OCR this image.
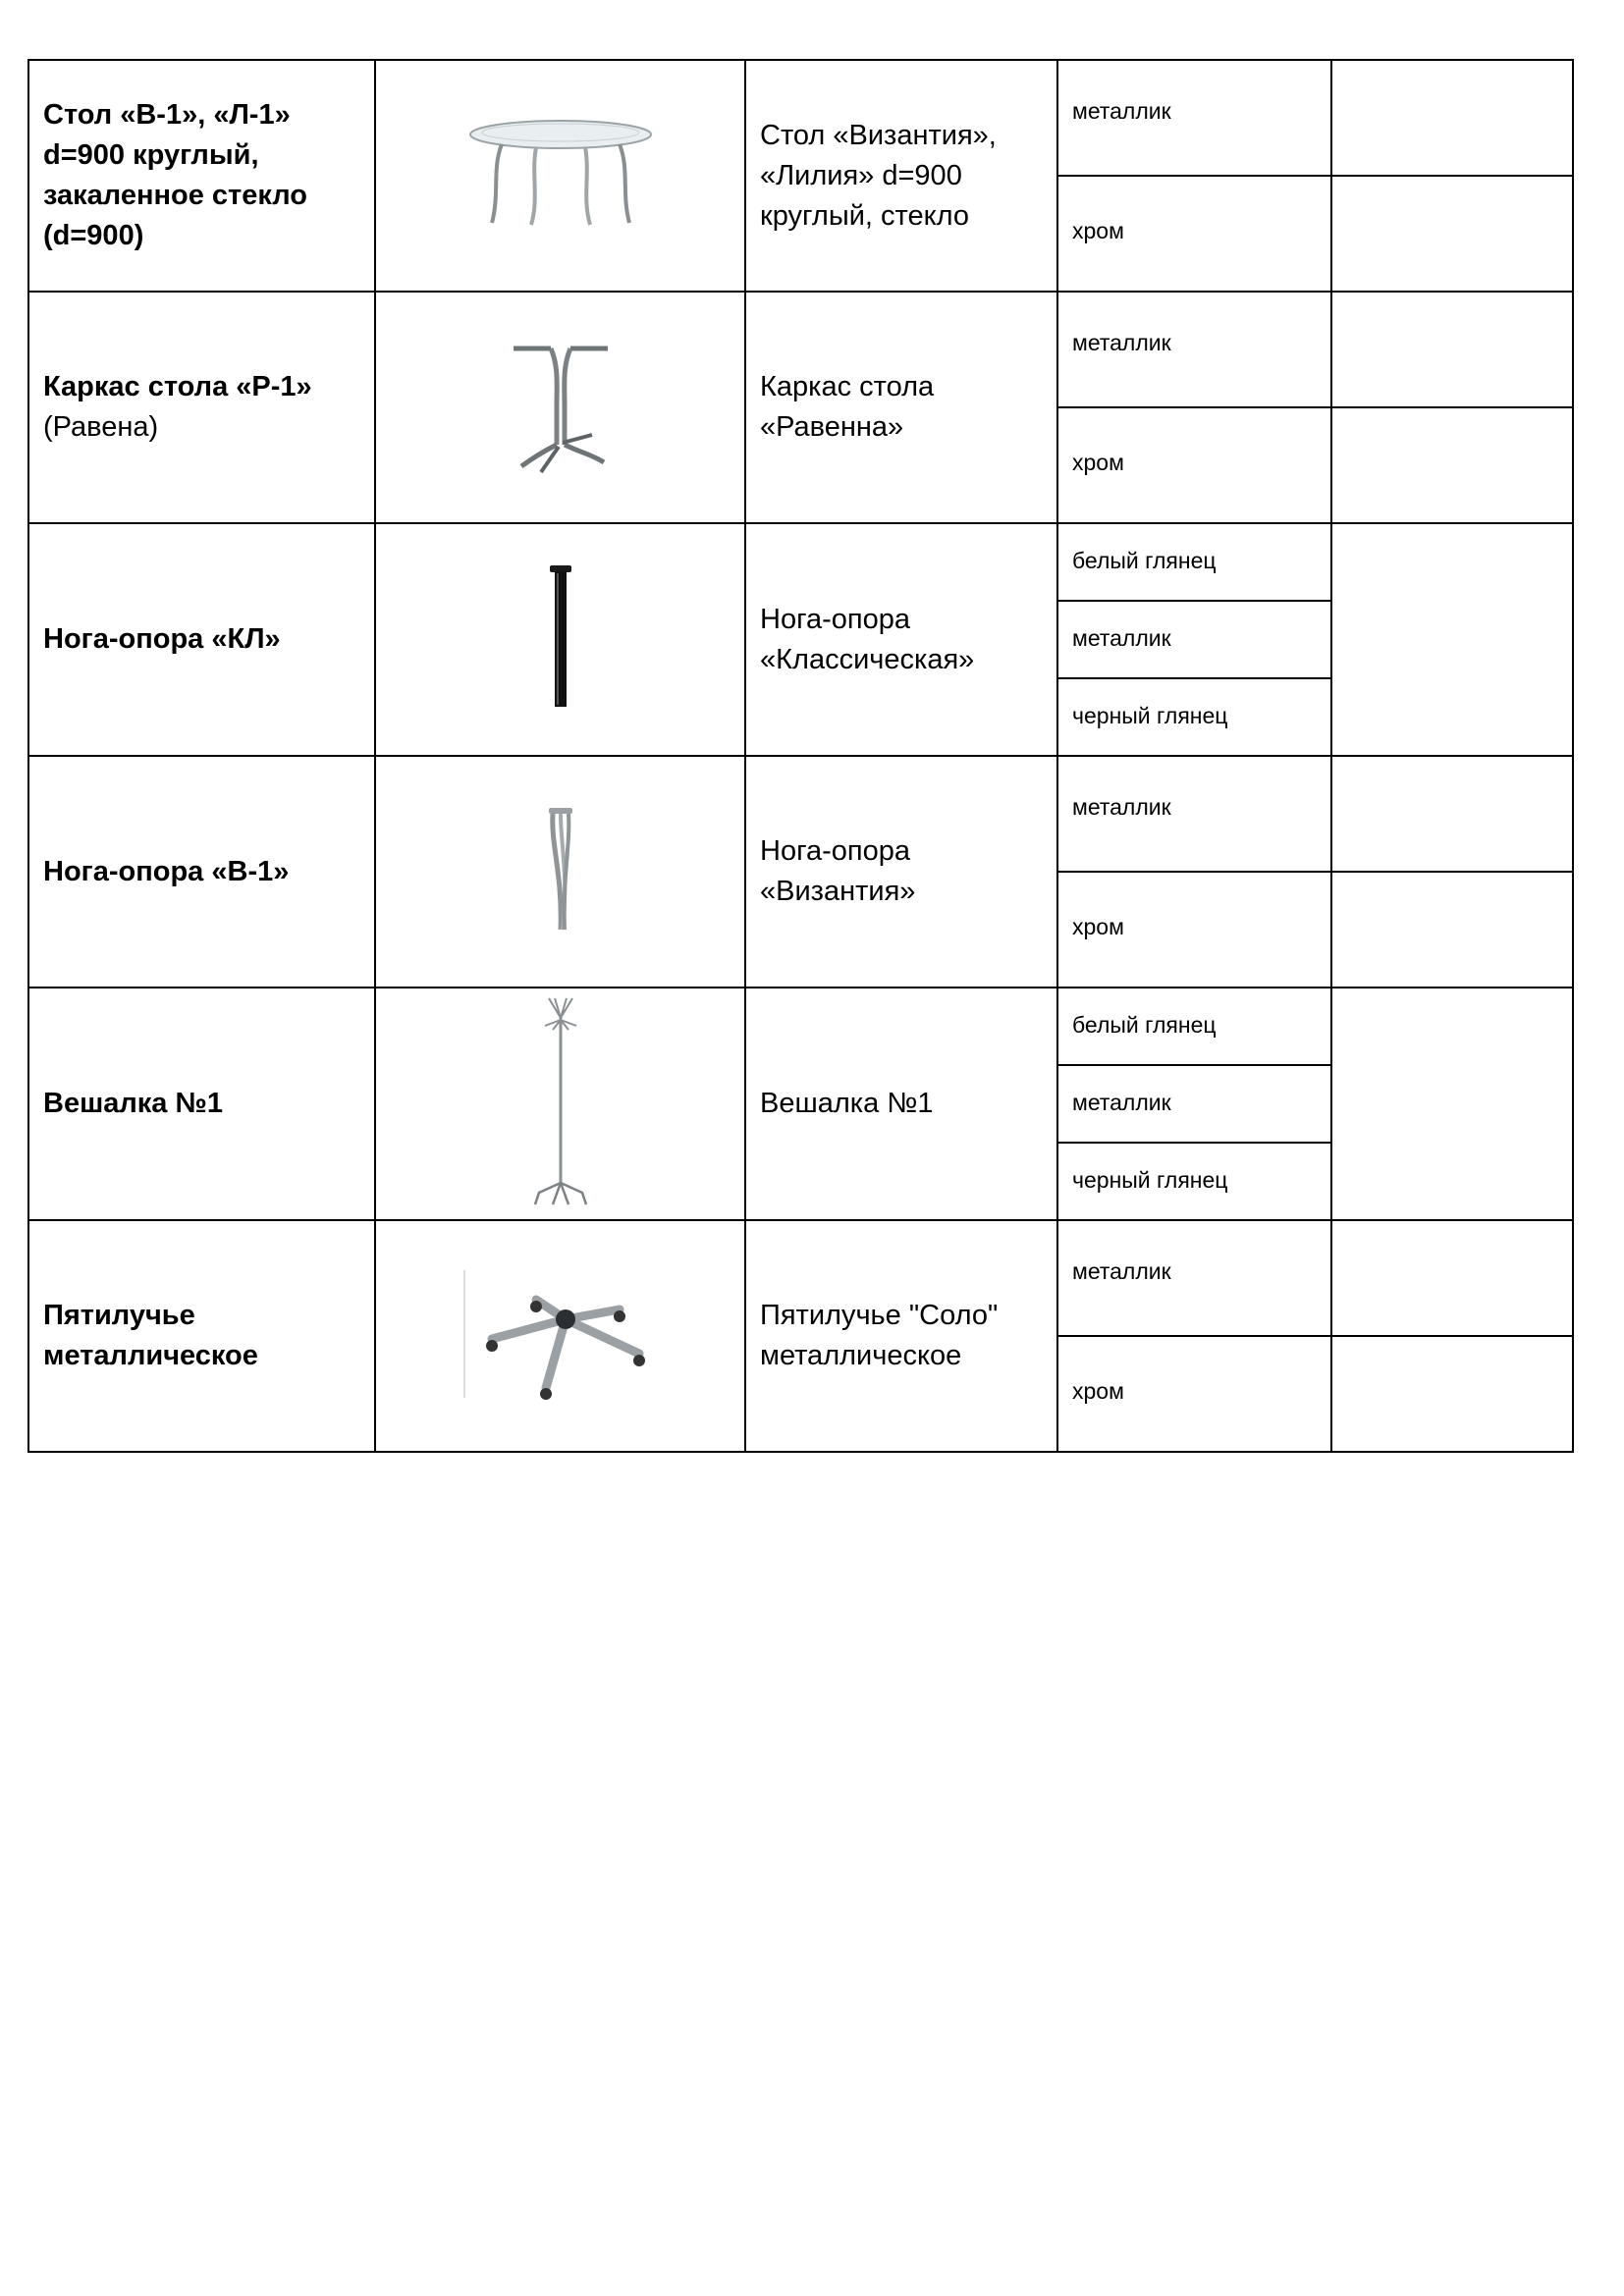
Стол «В-1», «Л-1» d=900 круглый, закаленное стекло (d=900)		Стол «Византия», «Лилия» d=900 круглый, стекло	металлик	

			хром	

Каркас стола «Р-1»
(Равена)		Каркас стола «Равенна»	металлик	

			хром	

Нога-опора «КЛ»		Нога-опора «Классическая»	белый глянец	

			металлик	

			черный глянец	

Нога-опора «В-1»		Нога-опора «Византия»	металлик	

			хром	

Вешалка №1		Вешалка №1	белый глянец	

			металлик	

			черный глянец	

Пятилучье металлическое		Пятилучье "Соло" металлическое	металлик	

			хром	
